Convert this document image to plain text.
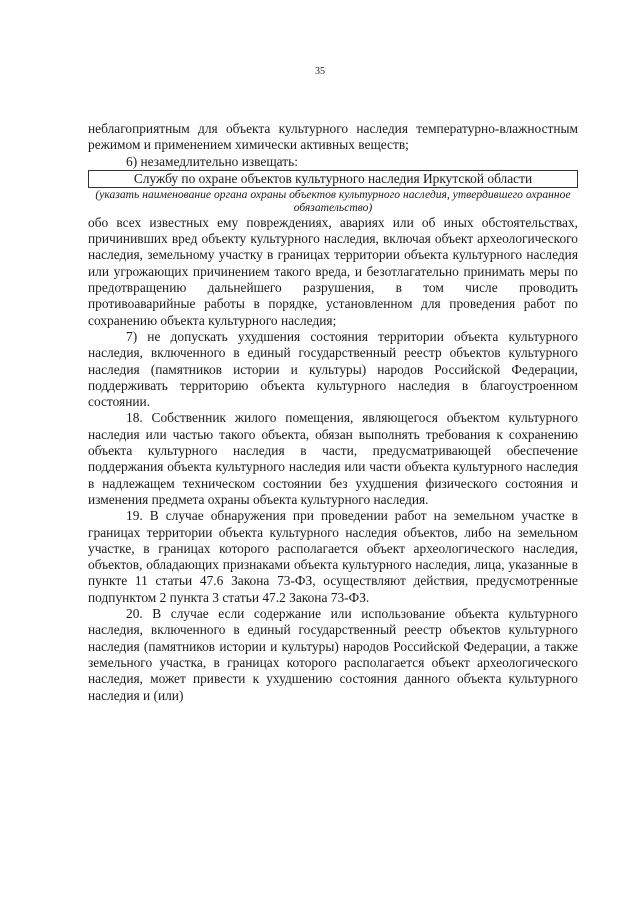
35

неблагоприятным для объекта культурного наследия температурно-влажностным режимом и применением химически активных веществ;

6) незамедлительно извещать:

Службу по охране объектов культурного наследия Иркутской области

(указать наименование органа охраны объектов культурного наследия, утвердившего охранное обязательство)

обо всех известных ему повреждениях, авариях или об иных обстоятельствах, причинивших вред объекту культурного наследия, включая объект археологического наследия, земельному участку в границах территории объекта культурного наследия или угрожающих причинением такого вреда, и безотлагательно принимать меры по предотвращению дальнейшего разрушения, в том числе проводить противоаварийные работы в порядке, установленном для проведения работ по сохранению объекта культурного наследия;

7) не допускать ухудшения состояния территории объекта культурного наследия, включенного в единый государственный реестр объектов культурного наследия (памятников истории и культуры) народов Российской Федерации, поддерживать территорию объекта культурного наследия в благоустроенном состоянии.

18. Собственник жилого помещения, являющегося объектом культурного наследия или частью такого объекта, обязан выполнять требования к сохранению объекта культурного наследия в части, предусматривающей обеспечение поддержания объекта культурного наследия или части объекта культурного наследия в надлежащем техническом состоянии без ухудшения физического состояния и изменения предмета охраны объекта культурного наследия.

19. В случае обнаружения при проведении работ на земельном участке в границах территории объекта культурного наследия объектов, либо на земельном участке, в границах которого располагается объект археологического наследия, объектов, обладающих признаками объекта культурного наследия, лица, указанные в пункте 11 статьи 47.6 Закона 73-ФЗ, осуществляют действия, предусмотренные подпунктом 2 пункта 3 статьи 47.2 Закона 73-ФЗ.

20. В случае если содержание или использование объекта культурного наследия, включенного в единый государственный реестр объектов культурного наследия (памятников истории и культуры) народов Российской Федерации, а также земельного участка, в границах которого располагается объект археологического наследия, может привести к ухудшению состояния данного объекта культурного наследия и (или)
